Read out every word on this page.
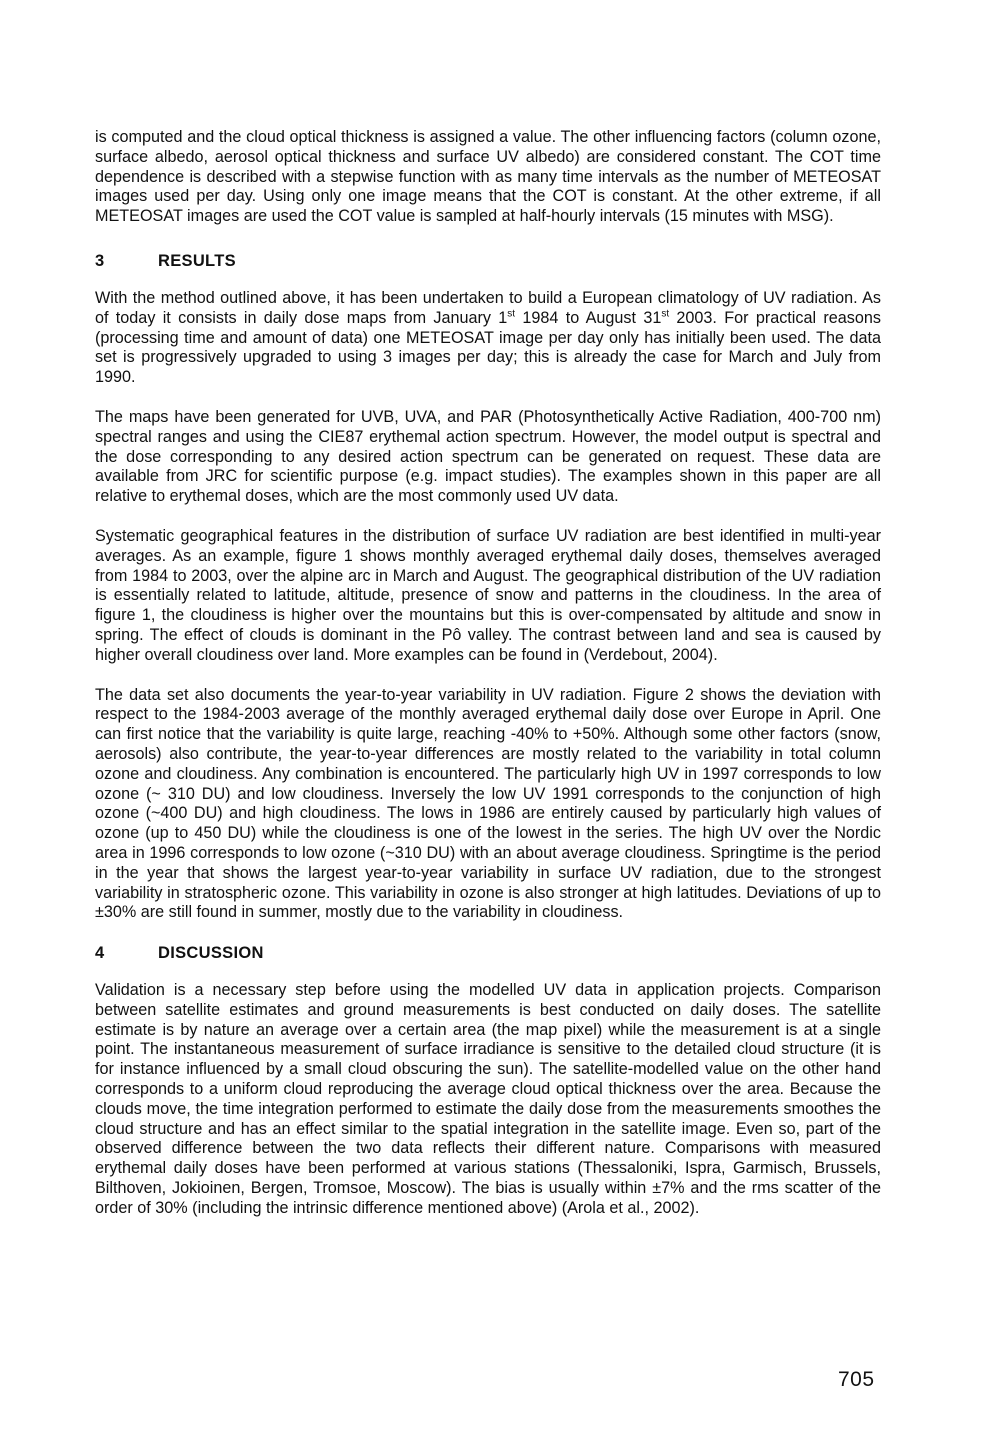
is computed and the cloud optical thickness is assigned a value. The other influencing factors (column ozone, surface albedo, aerosol optical thickness and surface UV albedo) are considered constant. The COT time dependence is described with a stepwise function with as many time intervals as the number of METEOSAT images used per day. Using only one image means that the COT is constant. At the other extreme, if all METEOSAT images are used the COT value is sampled at half-hourly intervals (15 minutes with MSG).

3	RESULTS

With the method outlined above, it has been undertaken to build a European climatology of UV radiation. As of today it consists in daily dose maps from January 1st 1984 to August 31st 2003. For practical reasons (processing time and amount of data) one METEOSAT image per day only has initially been used. The data set is progressively upgraded to using 3 images per day; this is already the case for March and July from 1990.

The maps have been generated for UVB, UVA, and PAR (Photosynthetically Active Radiation, 400-700 nm) spectral ranges and using the CIE87 erythemal action spectrum. However, the model output is spectral and the dose corresponding to any desired action spectrum can be generated on request. These data are available from JRC for scientific purpose (e.g. impact studies). The examples shown in this paper are all relative to erythemal doses, which are the most commonly used UV data.

Systematic geographical features in the distribution of surface UV radiation are best identified in multi-year averages. As an example, figure 1 shows monthly averaged erythemal daily doses, themselves averaged from 1984 to 2003, over the alpine arc in March and August. The geographical distribution of the UV radiation is essentially related to latitude, altitude, presence of snow and patterns in the cloudiness. In the area of figure 1, the cloudiness is higher over the mountains but this is over-compensated by altitude and snow in spring. The effect of clouds is dominant in the Pô valley. The contrast between land and sea is caused by higher overall cloudiness over land. More examples can be found in (Verdebout, 2004).

The data set also documents the year-to-year variability in UV radiation. Figure 2 shows the deviation with respect to the 1984-2003 average of the monthly averaged erythemal daily dose over Europe in April. One can first notice that the variability is quite large, reaching -40% to +50%. Although some other factors (snow, aerosols) also contribute, the year-to-year differences are mostly related to the variability in total column ozone and cloudiness. Any combination is encountered. The particularly high UV in 1997 corresponds to low ozone (~ 310 DU) and low cloudiness. Inversely the low UV 1991 corresponds to the conjunction of high ozone (~400 DU) and high cloudiness. The lows in 1986 are entirely caused by particularly high values of ozone (up to 450 DU) while the cloudiness is one of the lowest in the series. The high UV over the Nordic area in 1996 corresponds to low ozone (~310 DU) with an about average cloudiness. Springtime is the period in the year that shows the largest year-to-year variability in surface UV radiation, due to the strongest variability in stratospheric ozone. This variability in ozone is also stronger at high latitudes. Deviations of up to ±30% are still found in summer, mostly due to the variability in cloudiness.

4	DISCUSSION

Validation is a necessary step before using the modelled UV data in application projects. Comparison between satellite estimates and ground measurements is best conducted on daily doses. The satellite estimate is by nature an average over a certain area (the map pixel) while the measurement is at a single point. The instantaneous measurement of surface irradiance is sensitive to the detailed cloud structure (it is for instance influenced by a small cloud obscuring the sun). The satellite-modelled value on the other hand corresponds to a uniform cloud reproducing the average cloud optical thickness over the area. Because the clouds move, the time integration performed to estimate the daily dose from the measurements smoothes the cloud structure and has an effect similar to the spatial integration in the satellite image. Even so, part of the observed difference between the two data reflects their different nature. Comparisons with measured erythemal daily doses have been performed at various stations (Thessaloniki, Ispra, Garmisch, Brussels, Bilthoven, Jokioinen, Bergen, Tromsoe, Moscow). The bias is usually within ±7% and the rms scatter of the order of 30% (including the intrinsic difference mentioned above) (Arola et al., 2002).

705
